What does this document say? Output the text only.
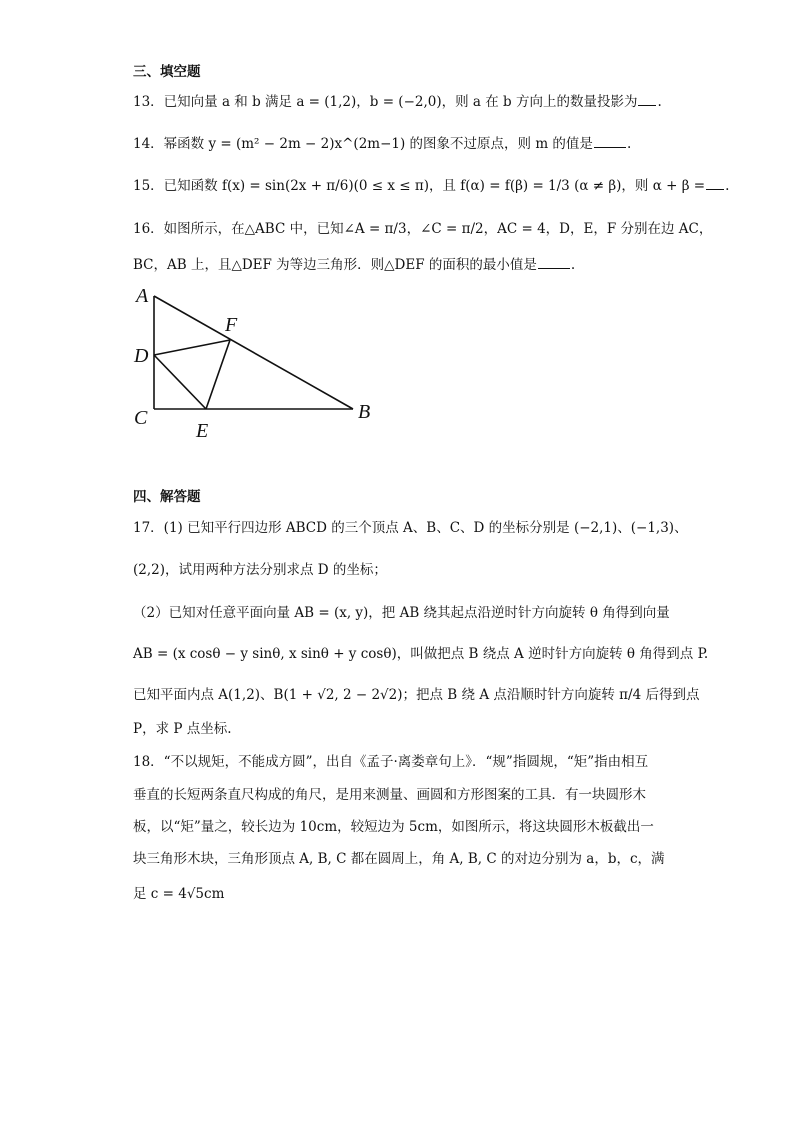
三、填空题
13．已知向量 a 和 b 满足 a = (1,2)，b = (−2,0)，则 a 在 b 方向上的数量投影为 .
14．幂函数 y = (m² − 2m − 2)x^(2m−1) 的图象不过原点，则 m 的值是	.
15．已知函数 f(x) = sin(2x + π/6)(0 ≤ x ≤ π)，且 f(α) = f(β) = 1/3 (α ≠ β)，则 α + β = .
16．如图所示，在△ABC 中，已知∠A = π/3，∠C = π/2，AC = 4，D，E，F 分别在边 AC，
BC，AB 上，且△DEF 为等边三角形．则△DEF 的面积的最小值是	.
A
F
D
C
E
B
四、解答题
17．(1) 已知平行四边形 ABCD 的三个顶点 A、B、C、D 的坐标分别是 (−2,1)、(−1,3)、
(2,2)，试用两种方法分别求点 D 的坐标；
（2）已知对任意平面向量 AB = (x, y)，把 AB 绕其起点沿逆时针方向旋转 θ 角得到向量
AB = (x cosθ − y sinθ, x sinθ + y cosθ)，叫做把点 B 绕点 A 逆时针方向旋转 θ 角得到点 P.
已知平面内点 A(1,2)、B(1 + √2, 2 − 2√2)；把点 B 绕 A 点沿顺时针方向旋转 π/4 后得到点
P，求 P 点坐标.
18．“不以规矩，不能成方圆”，出自《孟子·离娄章句上》．“规”指圆规，“矩”指由相互
垂直的长短两条直尺构成的角尺，是用来测量、画圆和方形图案的工具．有一块圆形木
板，以“矩”量之，较长边为 10cm，较短边为 5cm，如图所示，将这块圆形木板截出一
块三角形木块，三角形顶点 A, B, C 都在圆周上，角 A, B, C 的对边分别为 a，b，c，满
足 c = 4√5cm
